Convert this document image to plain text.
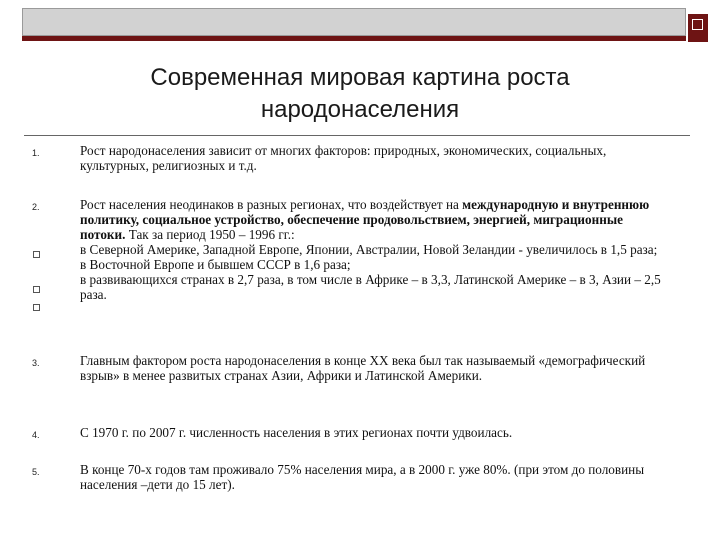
Современная мировая картина роста
народонаселения
1.	Рост народонаселения зависит от многих факторов: природных, экономических, социальных, культурных, религиозных и т.д.
2.	Рост населения неодинаков в разных регионах, что воздействует на международную и внутреннюю политику, социальное устройство, обеспечение продовольствием, энергией, миграционные потоки. Так за период 1950 – 1996 гг.:
в Северной Америке, Западной Европе, Японии, Австралии, Новой Зеландии - увеличилось в 1,5 раза;
в Восточной Европе и бывшем СССР в 1,6 раза;
в развивающихся странах в 2,7 раза, в том числе в Африке – в 3,3, Латинской Америке – в 3, Азии – 2,5 раза.
3.	Главным фактором роста народонаселения в конце XX века был так называемый «демографический взрыв» в менее развитых странах Азии, Африки и Латинской Америки.
4.	С 1970 г. по 2007 г. численность населения в этих регионах почти удвоилась.
5.	В конце 70-х годов там проживало 75% населения мира, а в 2000 г. уже 80%. (при этом до половины населения –дети до 15 лет).
